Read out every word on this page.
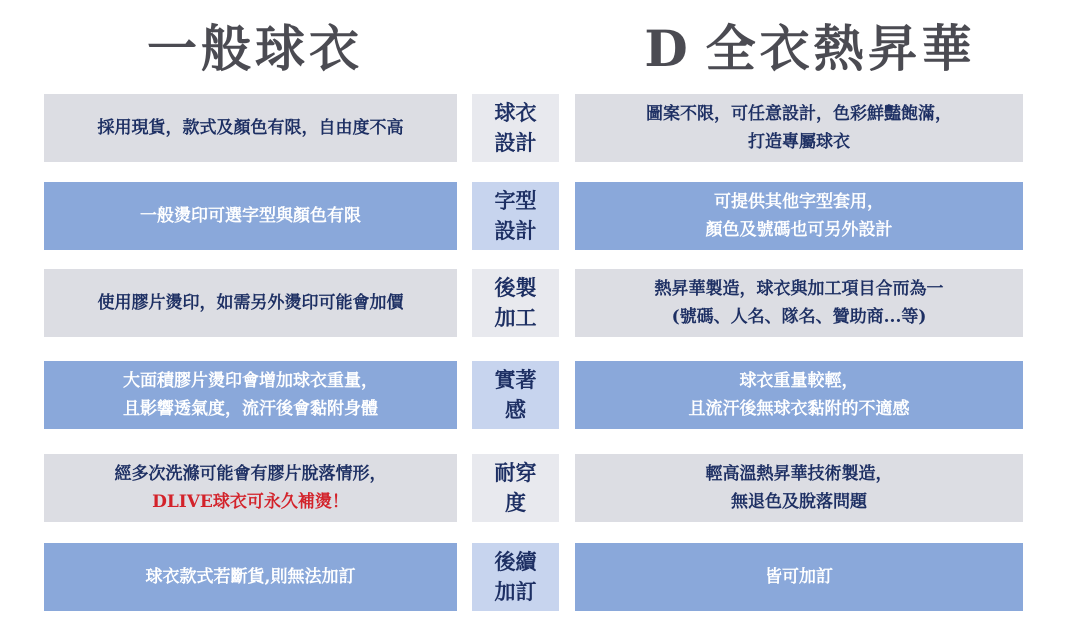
一般球衣	D 全衣熱昇華
採用現貨，款式及顏色有限，自由度不高
球衣
設計
圖案不限，可任意設計，色彩鮮豔飽滿，
打造專屬球衣
一般燙印可選字型與顏色有限
字型
設計
可提供其他字型套用，
顏色及號碼也可另外設計
使用膠片燙印，如需另外燙印可能會加價
後製
加工
熱昇華製造，球衣與加工項目合而為一
(號碼、人名、隊名、贊助商...等)
大面積膠片燙印會增加球衣重量，
且影響透氣度，流汗後會黏附身體
實著
感
球衣重量較輕，
且流汗後無球衣黏附的不適感
經多次洗滌可能會有膠片脫落情形，
DLIVE球衣可永久補燙！
耐穿
度
輕高溫熱昇華技術製造，
無退色及脫落問題
球衣款式若斷貨,則無法加訂
後續
加訂
皆可加訂
